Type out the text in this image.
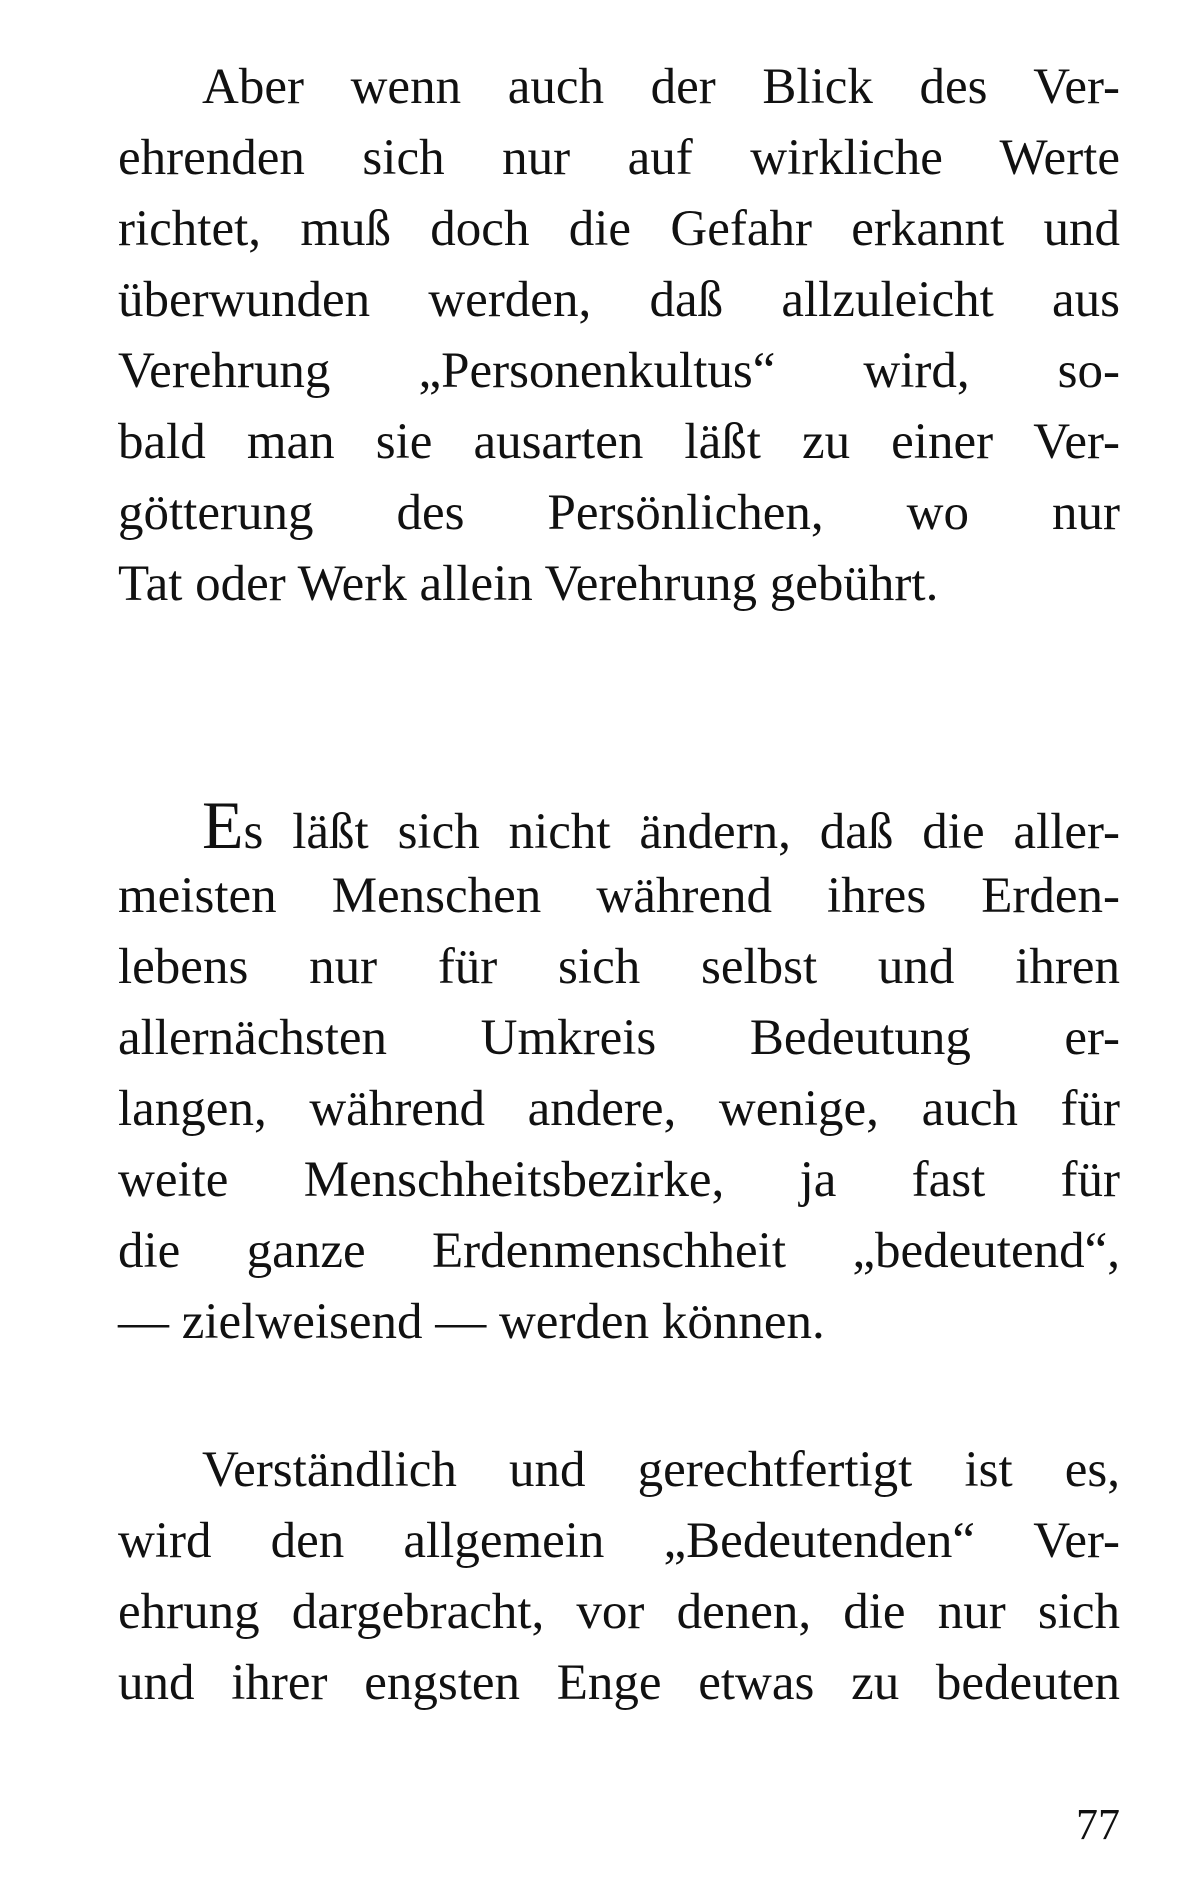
Aber wenn auch der Blick des Ver-
ehrenden sich nur auf wirkliche Werte
richtet, muß doch die Gefahr erkannt und
überwunden werden, daß allzuleicht aus
Verehrung „Personenkultus“ wird, so-
bald man sie ausarten läßt zu einer Ver-
götterung des Persönlichen, wo nur
Tat oder Werk allein Verehrung gebührt.
Es läßt sich nicht ändern, daß die aller-
meisten Menschen während ihres Erden-
lebens nur für sich selbst und ihren
allernächsten Umkreis Bedeutung er-
langen, während andere, wenige, auch für
weite Menschheitsbezirke, ja fast für
die ganze Erdenmenschheit „bedeutend“,
— zielweisend — werden können.
Verständlich und gerechtfertigt ist es,
wird den allgemein „Bedeutenden“ Ver-
ehrung dargebracht, vor denen, die nur sich
und ihrer engsten Enge etwas zu bedeuten
77
